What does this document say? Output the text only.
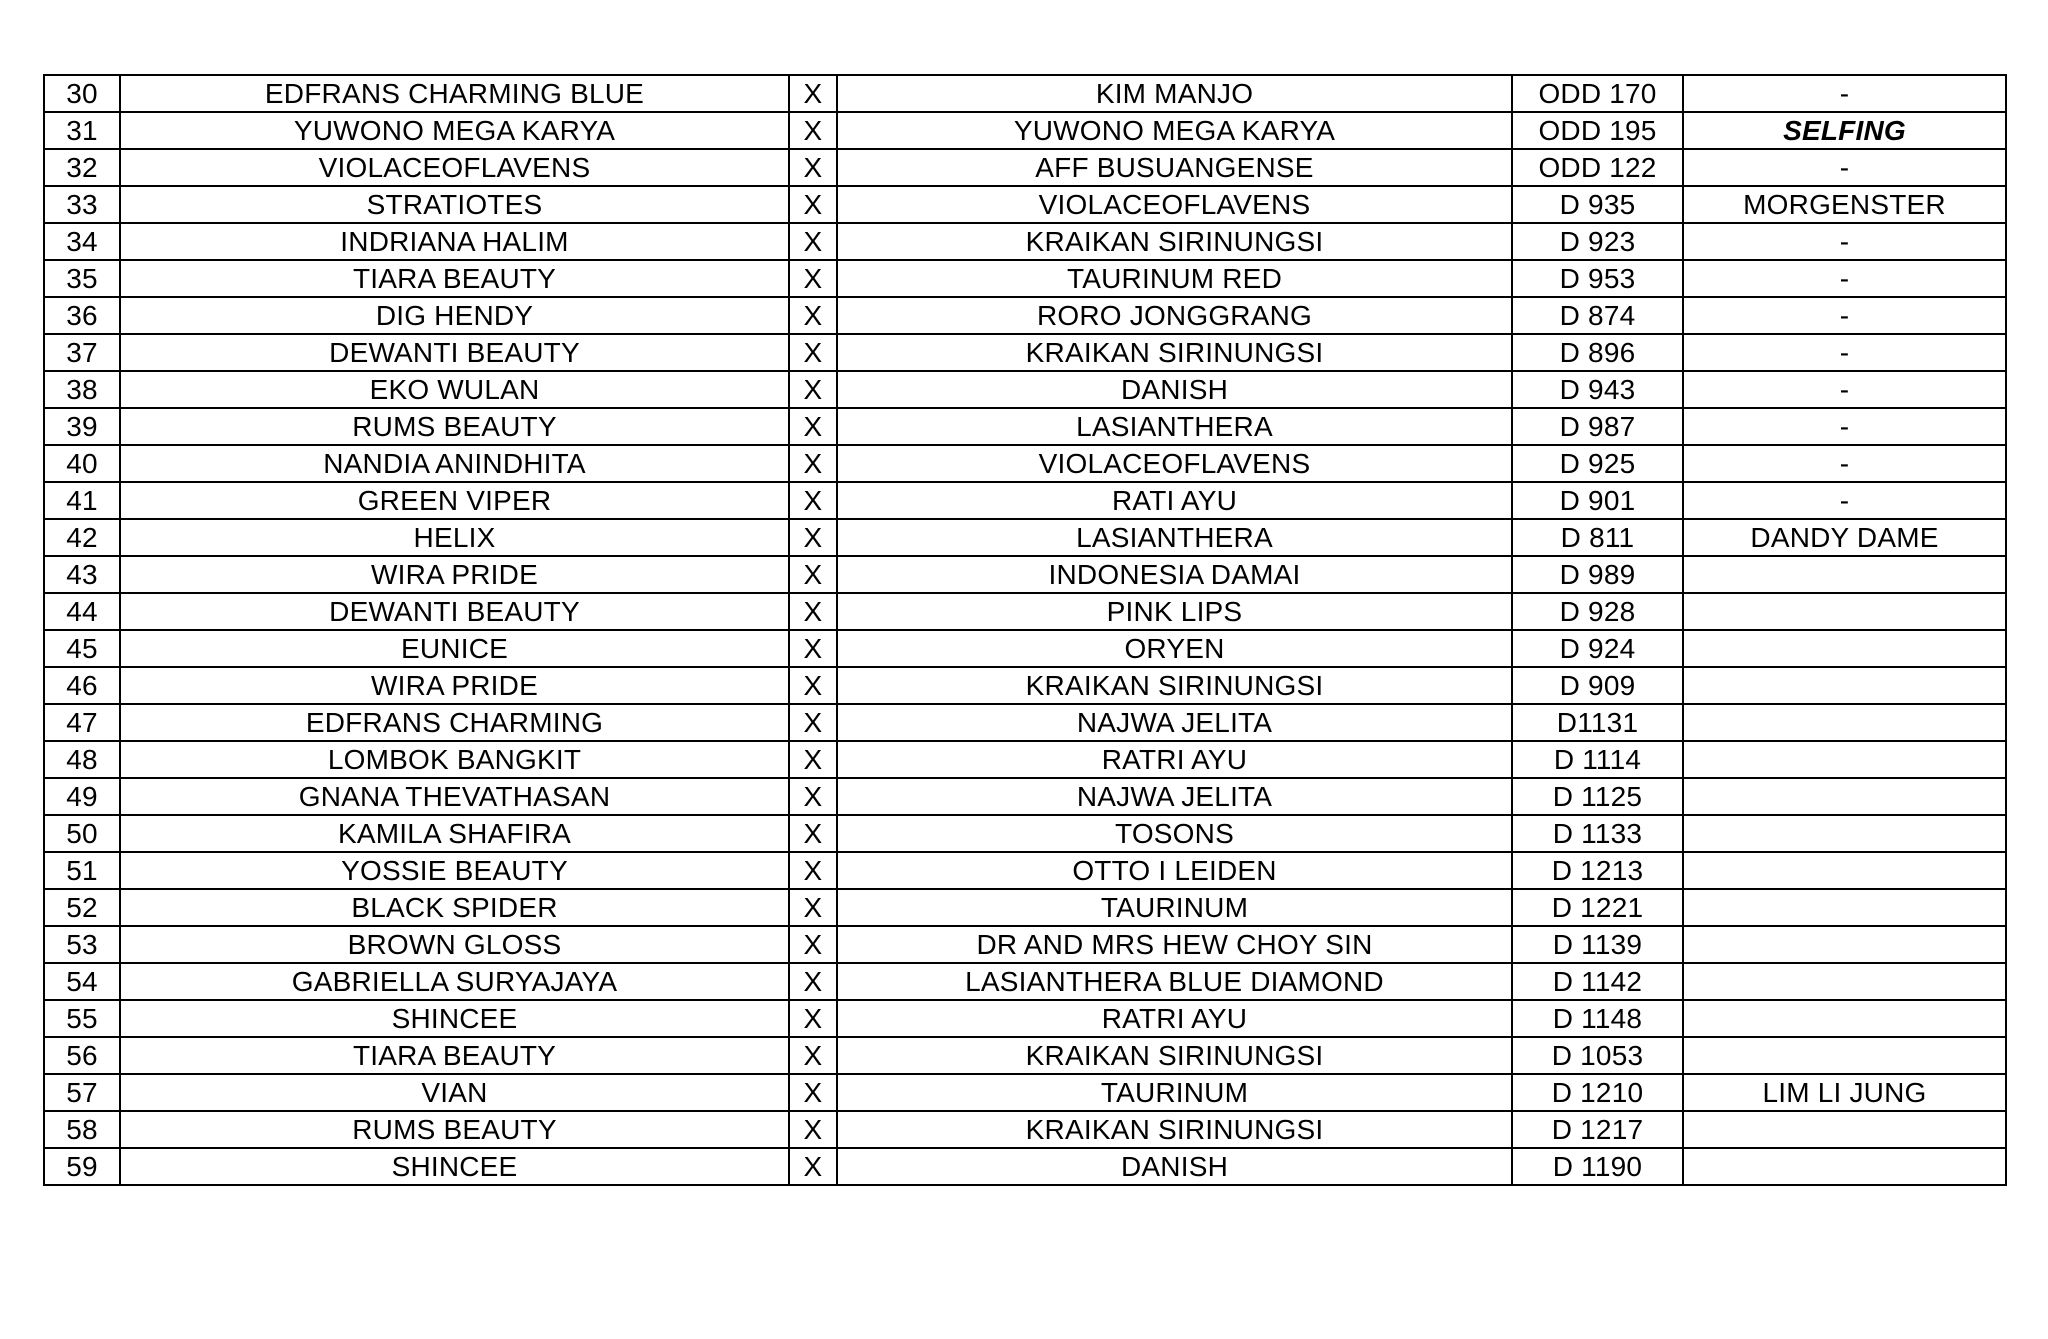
30	EDFRANS CHARMING BLUE	X	KIM MANJO	ODD 170	-
31	YUWONO MEGA KARYA	X	YUWONO MEGA KARYA	ODD 195	SELFING
32	VIOLACEOFLAVENS	X	AFF BUSUANGENSE	ODD 122	-
33	STRATIOTES	X	VIOLACEOFLAVENS	D 935	MORGENSTER
34	INDRIANA HALIM	X	KRAIKAN SIRINUNGSI	D 923	-
35	TIARA BEAUTY	X	TAURINUM RED	D 953	-
36	DIG HENDY	X	RORO JONGGRANG	D 874	-
37	DEWANTI BEAUTY	X	KRAIKAN SIRINUNGSI	D 896	-
38	EKO WULAN	X	DANISH	D 943	-
39	RUMS BEAUTY	X	LASIANTHERA	D 987	-
40	NANDIA ANINDHITA	X	VIOLACEOFLAVENS	D 925	-
41	GREEN VIPER	X	RATI AYU	D 901	-
42	HELIX	X	LASIANTHERA	D 811	DANDY DAME
43	WIRA PRIDE	X	INDONESIA DAMAI	D 989	
44	DEWANTI BEAUTY	X	PINK LIPS	D 928	
45	EUNICE	X	ORYEN	D 924	
46	WIRA PRIDE	X	KRAIKAN SIRINUNGSI	D 909	
47	EDFRANS CHARMING	X	NAJWA JELITA	D1131	
48	LOMBOK BANGKIT	X	RATRI AYU	D 1114	
49	GNANA THEVATHASAN	X	NAJWA JELITA	D 1125	
50	KAMILA SHAFIRA	X	TOSONS	D 1133	
51	YOSSIE BEAUTY	X	OTTO I LEIDEN	D 1213	
52	BLACK SPIDER	X	TAURINUM	D 1221	
53	BROWN GLOSS	X	DR AND MRS HEW CHOY SIN	D 1139	
54	GABRIELLA SURYAJAYA	X	LASIANTHERA BLUE DIAMOND	D 1142	
55	SHINCEE	X	RATRI AYU	D 1148	
56	TIARA BEAUTY	X	KRAIKAN SIRINUNGSI	D 1053	
57	VIAN	X	TAURINUM	D 1210	LIM LI JUNG
58	RUMS BEAUTY	X	KRAIKAN SIRINUNGSI	D 1217	
59	SHINCEE	X	DANISH	D 1190	
